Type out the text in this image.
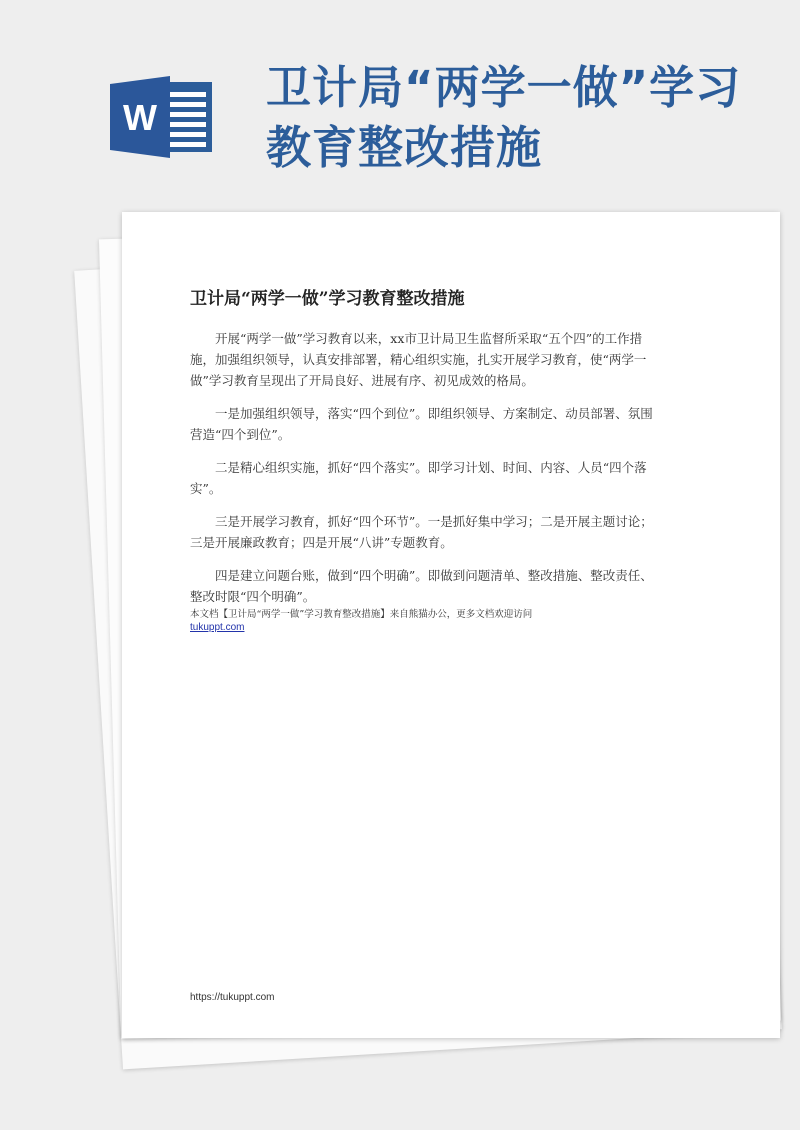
W
卫计局“两学一做”学习教育整改措施
卫计局“两学一做”学习教育整改措施

开展“两学一做”学习教育以来，xx市卫计局卫生监督所采取“五个四”的工作措施，加强组织领导，认真安排部署，精心组织实施，扎实开展学习教育，使“两学一做”学习教育呈现出了开局良好、进展有序、初见成效的格局。

一是加强组织领导，落实“四个到位”。即组织领导、方案制定、动员部署、氛围营造“四个到位”。

二是精心组织实施，抓好“四个落实”。即学习计划、时间、内容、人员“四个落实”。

三是开展学习教育，抓好“四个环节”。一是抓好集中学习；二是开展主题讨论；三是开展廉政教育；四是开展“八讲”专题教育。

四是建立问题台账，做到“四个明确”。即做到问题清单、整改措施、整改责任、整改时限“四个明确”。

本文档【卫计局“两学一做”学习教育整改措施】来自熊猫办公，更多文档欢迎访问
tukuppt.com
https://tukuppt.com
